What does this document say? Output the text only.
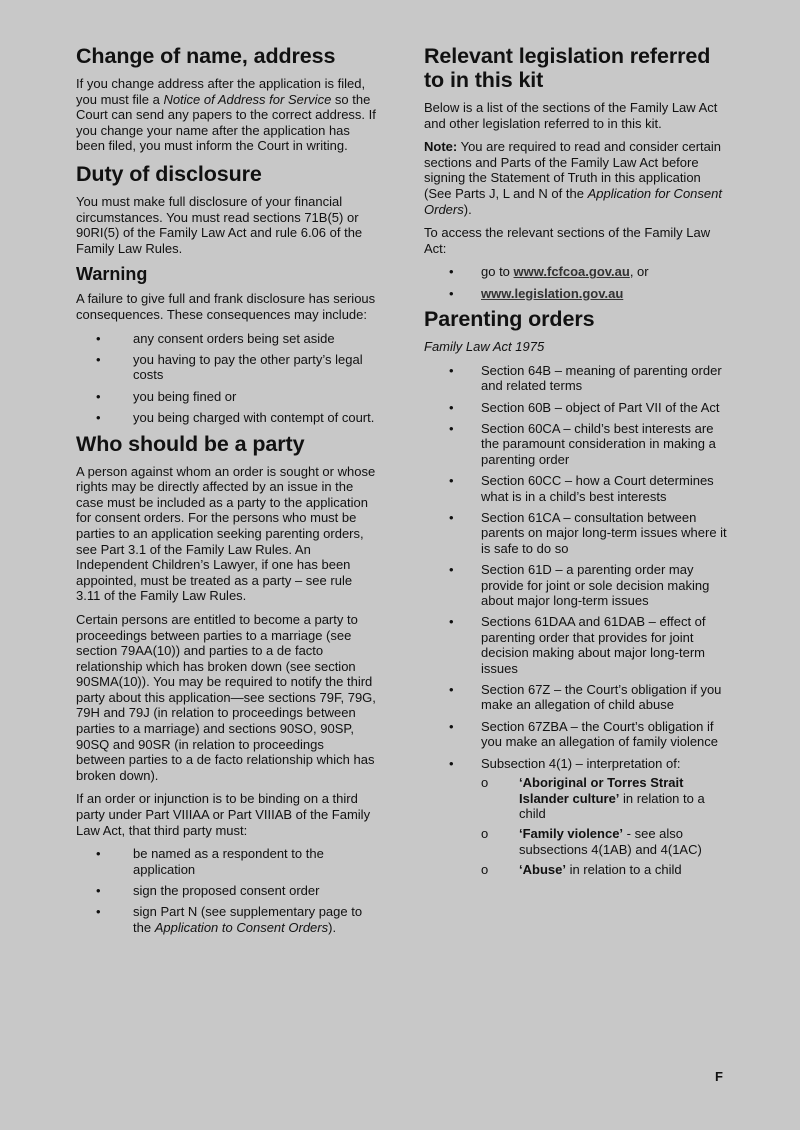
Change of name, address

If you change address after the application is filed, you must file a Notice of Address for Service so the Court can send any papers to the correct address. If you change your name after the application has been filed, you must inform the Court in writing.

Duty of disclosure

You must make full disclosure of your financial circumstances. You must read sections 71B(5) or 90RI(5) of the Family Law Act and rule 6.06 of the Family Law Rules.

Warning

A failure to give full and frank disclosure has serious consequences. These consequences may include:

• any consent orders being set aside
• you having to pay the other party’s legal costs
• you being fined or
• you being charged with contempt of court.
Who should be a party

A person against whom an order is sought or whose rights may be directly affected by an issue in the case must be included as a party to the application for consent orders. For the persons who must be parties to an application seeking parenting orders, see Part 3.1 of the Family Law Rules. An Independent Children’s Lawyer, if one has been appointed, must be treated as a party – see rule 3.11 of the Family Law Rules.

Certain persons are entitled to become a party to proceedings between parties to a marriage (see section 79AA(10)) and parties to a de facto relationship which has broken down (see section 90SMA(10)). You may be required to notify the third party about this application—see sections 79F, 79G, 79H and 79J (in relation to proceedings between parties to a marriage) and sections 90SO, 90SP, 90SQ and 90SR (in relation to proceedings between parties to a de facto relationship which has broken down).

If an order or injunction is to be binding on a third party under Part VIIIAA or Part VIIIAB of the Family Law Act, that third party must:

• be named as a respondent to the application
• sign the proposed consent order
• sign Part N (see supplementary page to the Application to Consent Orders).
Relevant legislation referred to in this kit

Below is a list of the sections of the Family Law Act and other legislation referred to in this kit.

Note: You are required to read and consider certain sections and Parts of the Family Law Act before signing the Statement of Truth in this application (See Parts J, L and N of the Application for Consent Orders).

To access the relevant sections of the Family Law Act:

• go to www.fcfcoa.gov.au, or
• www.legislation.gov.au
Parenting orders

Family Law Act 1975

• Section 64B – meaning of parenting order and related terms
• Section 60B – object of Part VII of the Act
• Section 60CA – child’s best interests are the paramount consideration in making a parenting order
• Section 60CC – how a Court determines what is in a child’s best interests
• Section 61CA – consultation between parents on major long-term issues where it is safe to do so
• Section 61D – a parenting order may provide for joint or sole decision making about major long-term issues
• Sections 61DAA and 61DAB – effect of parenting order that provides for joint decision making about major long-term issues
• Section 67Z – the Court’s obligation if you make an allegation of child abuse
• Section 67ZBA – the Court’s obligation if you make an allegation of family violence
• Subsection 4(1) – interpretation of:
o ‘Aboriginal or Torres Strait Islander culture’ in relation to a child
o ‘Family violence’ - see also subsections 4(1AB) and 4(1AC)
o ‘Abuse’ in relation to a child
F
